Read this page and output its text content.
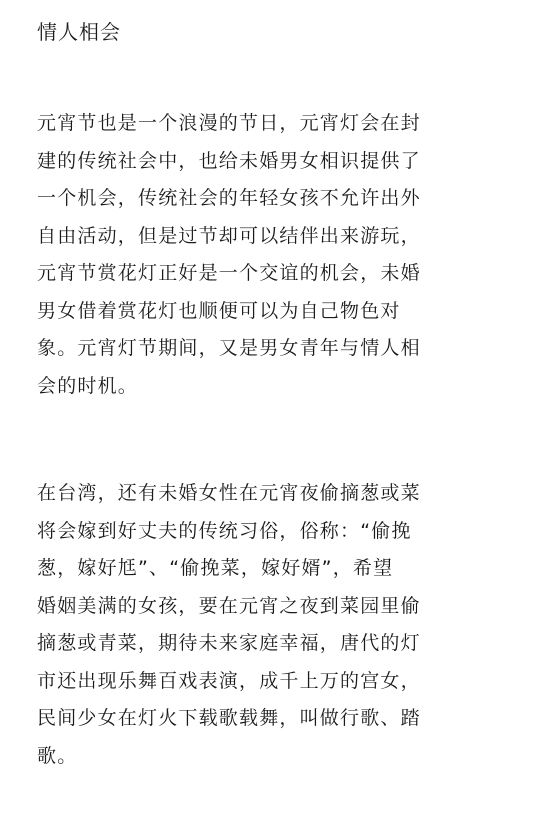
情人相会

元宵节也是一个浪漫的节日，元宵灯会在封
建的传统社会中，也给未婚男女相识提供了
一个机会，传统社会的年轻女孩不允许出外
自由活动，但是过节却可以结伴出来游玩，
元宵节赏花灯正好是一个交谊的机会，未婚
男女借着赏花灯也顺便可以为自己物色对
象。元宵灯节期间，又是男女青年与情人相
会的时机。

在台湾，还有未婚女性在元宵夜偷摘葱或菜
将会嫁到好丈夫的传统习俗，俗称：“偷挽
葱，嫁好尪”、“偷挽菜，嫁好婿”，希望
婚姻美满的女孩，要在元宵之夜到菜园里偷
摘葱或青菜，期待未来家庭幸福，唐代的灯
市还出现乐舞百戏表演，成千上万的宫女，
民间少女在灯火下载歌载舞，叫做行歌、踏
歌。
